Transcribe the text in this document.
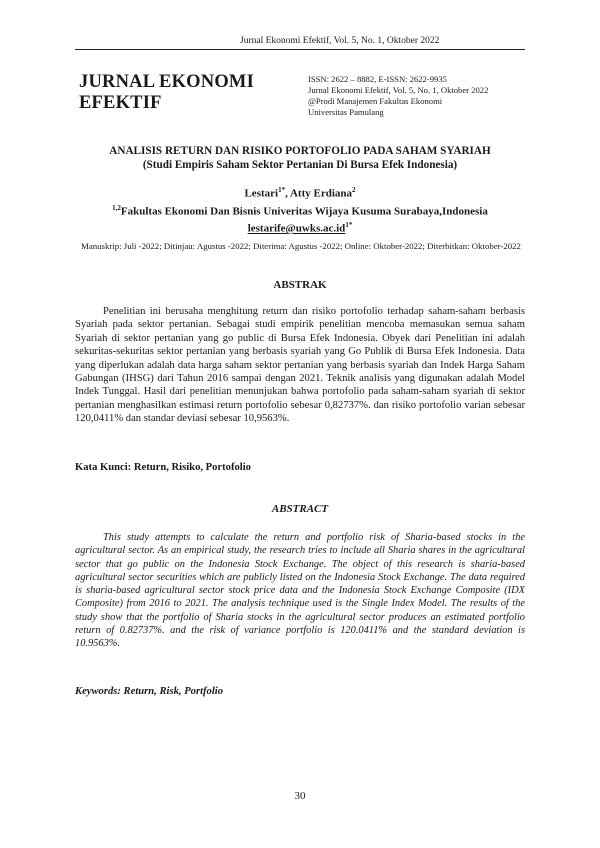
Jurnal Ekonomi Efektif, Vol. 5, No. 1, Oktober 2022
JURNAL EKONOMI
EFEKTIF
ISSN: 2622 – 8882, E-ISSN: 2622-9935
Jurnal Ekonomi Efektif, Vol. 5, No. 1, Oktober 2022
@Prodi Manajemen Fakultas Ekonomi
Universitas Pamulang
ANALISIS RETURN DAN RISIKO PORTOFOLIO PADA SAHAM SYARIAH
(Studi Empiris Saham Sektor Pertanian Di Bursa Efek Indonesia)
Lestari$^{1*}$, Atty Erdiana$^2$
$^{1,2}$Fakultas Ekonomi Dan Bisnis Univeritas Wijaya Kusuma Surabaya,Indonesia
$lestarife@uwks.ac.id^{1*}$
Manuskrip: Juli -2022; Ditinjau: Agustus -2022; Diterima: Agustus -2022; Online: Oktober-2022; Diterbitkan: Oktober-2022
ABSTRAK
Penelitian ini berusaha menghitung return dan risiko portofolio terhadap saham-saham berbasis Syariah pada sektor pertanian. Sebagai studi empirik penelitian mencoba memasukan semua saham Syariah di sektor pertanian yang go public di Bursa Efek Indonesia. Obyek dari Penelitian ini adalah sekuritas-sekuritas sektor pertanian yang berbasis syariah yang Go Publik di Bursa Efek Indonesia. Data yang diperlukan adalah data harga saham sektor pertanian yang berbasis syariah dan Indek Harga Saham Gabungan (IHSG) dari Tahun 2016 sampai dengan 2021. Teknik analisis yang digunakan adalah Model Indek Tunggal. Hasil dari penelitian menunjukan bahwa portofolio pada saham-saham syariah di sektor pertanian menghasilkan estimasi return portofolio sebesar 0,82737%. dan risiko portofolio varian sebesar 120,0411% dan standar deviasi sebesar 10,9563%.
Kata Kunci: Return, Risiko, Portofolio
ABSTRACT
This study attempts to calculate the return and portfolio risk of Sharia-based stocks in the agricultural sector. As an empirical study, the research tries to include all Sharia shares in the agricultural sector that go public on the Indonesia Stock Exchange. The object of this research is sharia-based agricultural sector securities which are publicly listed on the Indonesia Stock Exchange. The data required is sharia-based agricultural sector stock price data and the Indonesia Stock Exchange Composite (IDX Composite) from 2016 to 2021. The analysis technique used is the Single Index Model. The results of the study show that the portfolio of Sharia stocks in the agricultural sector produces an estimated portfolio return of 0.82737%. and the risk of variance portfolio is 120.0411% and the standard deviation is 10.9563%.
Keywords: Return, Risk, Portfolio
30
